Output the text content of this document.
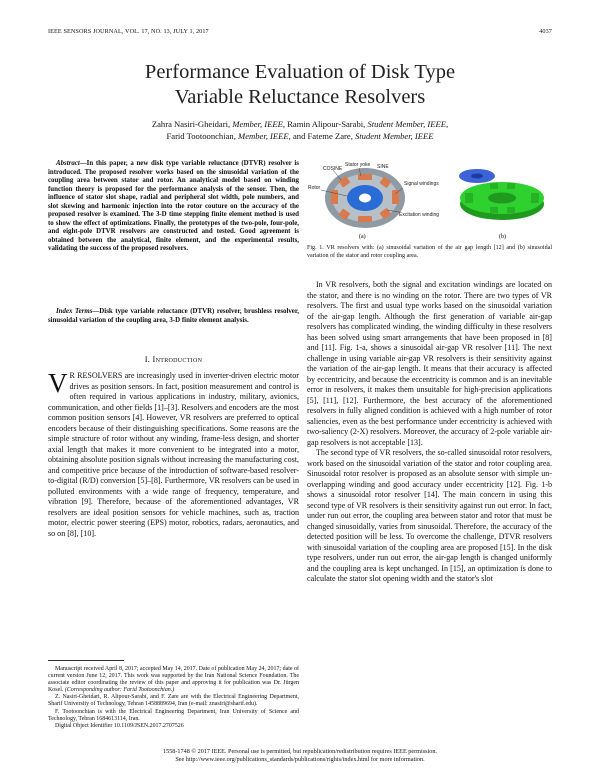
IEEE SENSORS JOURNAL, VOL. 17, NO. 13, JULY 1, 2017	4037
Performance Evaluation of Disk Type
Variable Reluctance Resolvers
Zahra Nasiri-Gheidari, Member, IEEE, Ramin Alipour-Sarabi, Student Member, IEEE,
Farid Tootoonchian, Member, IEEE, and Fateme Zare, Student Member, IEEE
Abstract—In this paper, a new disk type variable reluctance (DTVR) resolver is introduced. The proposed resolver works based on the sinusoidal variation of the coupling area between stator and rotor. An analytical model based on winding function theory is proposed for the performance analysis of the sensor. Then, the influence of stator slot shape, radial and peripheral slot width, pole numbers, and slot skewing and harmonic injection into the rotor couture on the accuracy of the proposed resolver is examined. The 3-D time stepping finite element method is used to show the effect of optimizations. Finally, the prototypes of the two-pole, four-pole, and eight-pole DTVR resolvers are constructed and tested. Good agreement is obtained between the analytical, finite element, and the experimental results, validating the success of the proposed resolvers.
Index Terms—Disk type variable reluctance (DTVR) resolver, brushless resolver, sinusoidal variation of the coupling area, 3-D finite element analysis.
I. Introduction
V R RESOLVERS are increasingly used in inverter-driven electric motor drives as position sensors. In fact, position measurement and control is often required in various applications in industry, military, avionics, communication, and other fields [1]–[3]. Resolvers and encoders are the most common position sensors [4]. However, VR resolvers are preferred to optical encoders because of their distinguishing specifications. Some reasons are the simple structure of rotor without any winding, frame-less design, and shorter axial length that makes it more convenient to be integrated into a motor, obtaining absolute position signals without increasing the manufacturing cost, and competitive price because of the introduction of software-based resolver-to-digital (R/D) conversion [5]–[8]. Furthermore, VR resolvers can be used in polluted environments with a wide range of frequency, temperature, and vibration [9]. Therefore, because of the aforementioned advantages, VR resolvers are ideal position sensors for vehicle machines, such as, traction motor, electric power steering (EPS) motor, robotics, radars, aeronautics, and so on [8], [10].

Manuscript received April 8, 2017; accepted May 14, 2017. Date of publication May 24, 2017; date of current version June 12, 2017. This work was supported by the Iran National Science Foundation. The associate editor coordinating the review of this paper and approving it for publication was Dr. Jürgen Kosel. (Corresponding author: Farid Tootoonchian.)

Z. Nasiri-Gheidari, R. Alipour-Sarabi, and F. Zare are with the Electrical Engineering Department, Sharif University of Technology, Tehran 1458889694, Iran (e-mail: znasiri@sharif.edu).

F. Tootoonchian is with the Electrical Engineering Department, Iran University of Science and Technology, Tehran 1684613114, Iran.

Digital Object Identifier 10.1109/JSEN.2017.2707526

Stator yoke
COSINE
Signal windings
Rotor
Excitation winding
SINE
(a)	(b)
Fig. 1. VR resolvers with: (a) sinusoidal variation of the air gap length [12] and (b) sinusoidal variation of the stator and rotor coupling area.

In VR resolvers, both the signal and excitation windings are located on the stator, and there is no winding on the rotor. There are two types of VR resolvers. The first and usual type works based on the sinusoidal variation of the air-gap length. Although the first generation of variable air-gap resolvers has complicated winding, the winding difficulty in these resolvers has been solved using smart arrangements that have been proposed in [8] and [11]. Fig. 1-a, shows a sinusoidal air-gap VR resolver [11]. The next challenge in using variable air-gap VR resolvers is their sensitivity against the variation of the air-gap length. It means that their accuracy is affected by eccentricity, and because the eccentricity is common and is an inevitable error in resolvers, it makes them unsuitable for high-precision applications [5], [11], [12]. Furthermore, the best accuracy of the aforementioned resolvers in fully aligned condition is achieved with a high number of rotor saliencies, even as the best performance under eccentricity is achieved with two-saliency (2-X) resolvers. Moreover, the accuracy of 2-pole variable air-gap resolvers is not acceptable [13].

The second type of VR resolvers, the so-called sinusoidal rotor resolvers, work based on the sinusoidal variation of the stator and rotor coupling area. Sinusoidal rotor resolver is proposed as an absolute sensor with simple un-overlapping winding and good accuracy under eccentricity [12]. Fig. 1-b shows a sinusoidal rotor resolver [14]. The main concern in using this second type of VR resolvers is their sensitivity against run out error. In fact, under run out error, the coupling area between stator and rotor that must be changed sinusoidally, varies from sinusoidal. Therefore, the accuracy of the detected position will be less. To overcome the challenge, DTVR resolvers with sinusoidal variation of the coupling area are proposed [15]. In the disk type resolvers, under run out error, the air-gap length is changed uniformly and the coupling area is kept unchanged. In [15], an optimization is done to calculate the stator slot opening width and the stator's slot

1558-1748 © 2017 IEEE. Personal use is permitted, but republication/redistribution requires IEEE permission.
See http://www.ieee.org/publications_standards/publications/rights/index.html for more information.
